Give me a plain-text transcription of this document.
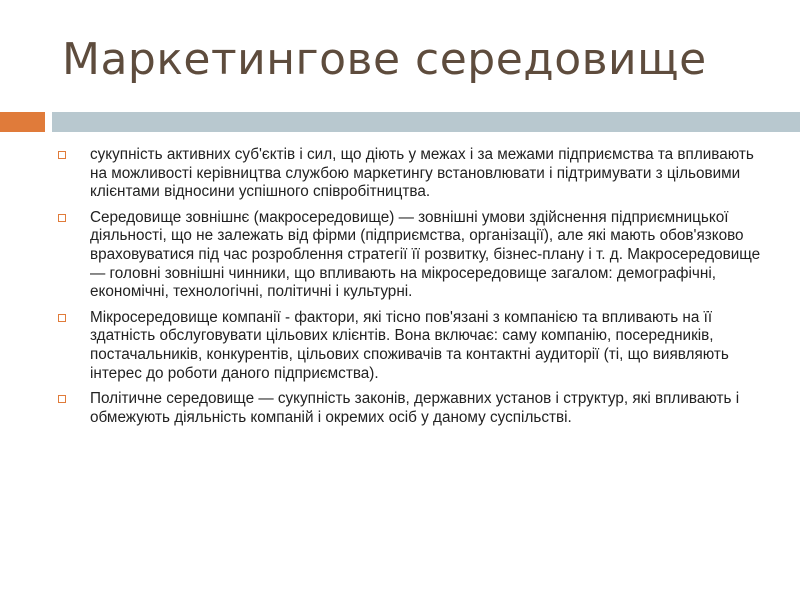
Маркетингове середовище
сукупність активних суб'єктів і сил, що діють у межах і за межами підприємства та впливають на можливості керівництва службою маркетингу встановлювати і підтримувати з цільовими клієнтами відносини успішного співробітництва.
Середовище зовнішнє (макросередовище) — зовнішні умови здійснення підприємницької діяльності, що не залежать від фірми (підприємства, організації), але які мають обов'язково враховуватися під час розроблення стратегії її розвитку, бізнес-плану і т. д. Макросередовище — головні зовнішні чинники, що впливають на мікросередовище загалом: демографічні, економічні, технологічні, політичні і культурні.
Мікросередовище компанії - фактори, які тісно пов'язані з компанією та впливають на її здатність обслуговувати цільових клієнтів. Вона включає: саму компанію, посередників, постачальників, конкурентів, цільових споживачів та контактні аудиторії (ті, що виявляють інтерес до роботи даного підприємства).
Політичне середовище — сукупність законів, державних установ і структур, які впливають і обмежують діяльність компаній і окремих осіб у даному суспільстві.
